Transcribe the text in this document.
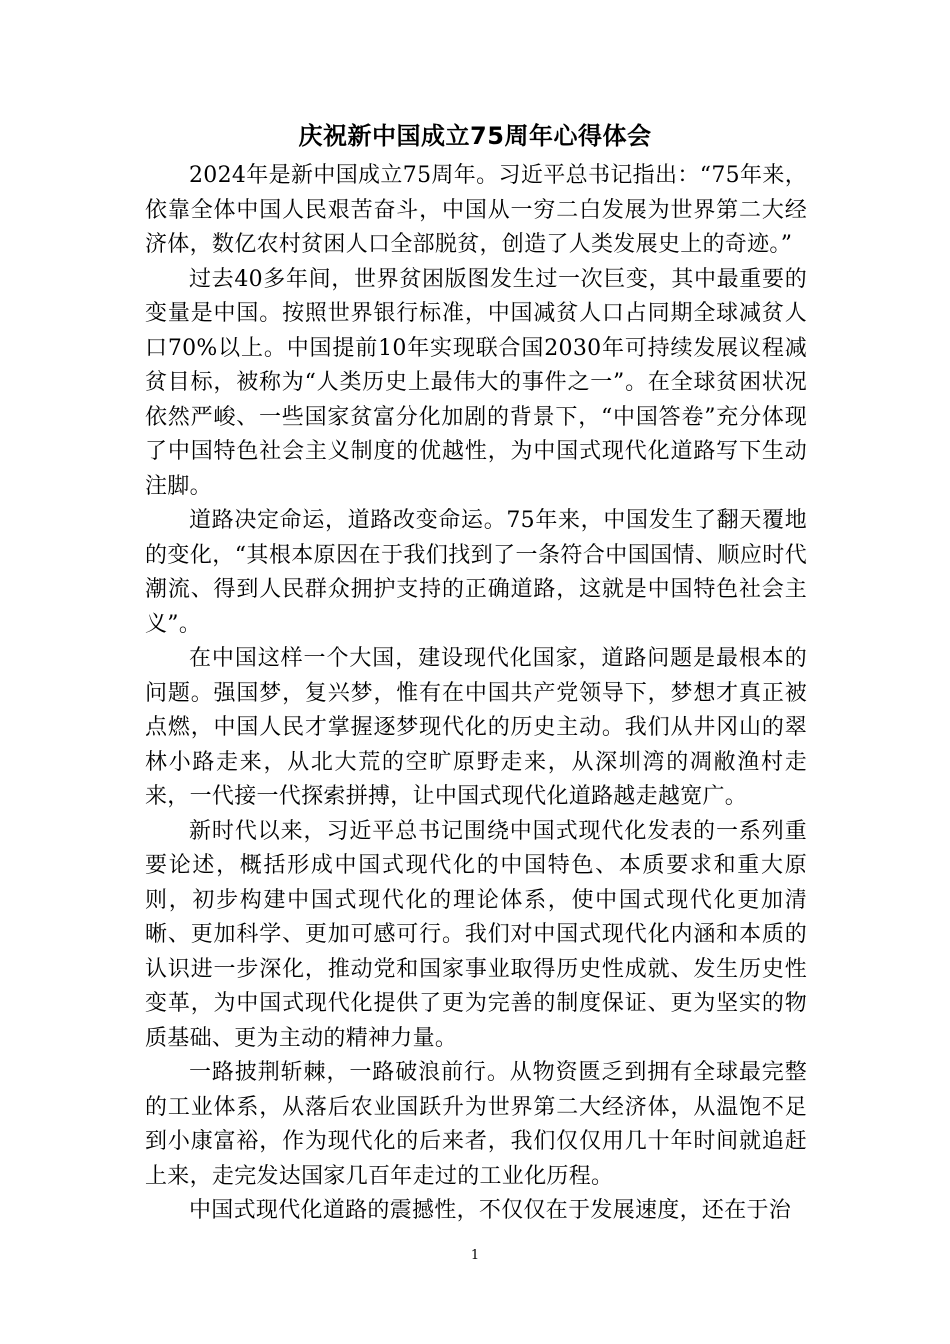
庆祝新中国成立75周年心得体会

2024年是新中国成立75周年。习近平总书记指出：“75年来，依靠全体中国人民艰苦奋斗，中国从一穷二白发展为世界第二大经济体，数亿农村贫困人口全部脱贫，创造了人类发展史上的奇迹。”

过去40多年间，世界贫困版图发生过一次巨变，其中最重要的变量是中国。按照世界银行标准，中国减贫人口占同期全球减贫人口70%以上。中国提前10年实现联合国2030年可持续发展议程减贫目标，被称为“人类历史上最伟大的事件之一”。在全球贫困状况依然严峻、一些国家贫富分化加剧的背景下，“中国答卷”充分体现了中国特色社会主义制度的优越性，为中国式现代化道路写下生动注脚。

道路决定命运，道路改变命运。75年来，中国发生了翻天覆地的变化，“其根本原因在于我们找到了一条符合中国国情、顺应时代潮流、得到人民群众拥护支持的正确道路，这就是中国特色社会主义”。

在中国这样一个大国，建设现代化国家，道路问题是最根本的问题。强国梦，复兴梦，惟有在中国共产党领导下，梦想才真正被点燃，中国人民才掌握逐梦现代化的历史主动。我们从井冈山的翠林小路走来，从北大荒的空旷原野走来，从深圳湾的凋敝渔村走来，一代接一代探索拼搏，让中国式现代化道路越走越宽广。

新时代以来，习近平总书记围绕中国式现代化发表的一系列重要论述，概括形成中国式现代化的中国特色、本质要求和重大原则，初步构建中国式现代化的理论体系，使中国式现代化更加清晰、更加科学、更加可感可行。我们对中国式现代化内涵和本质的认识进一步深化，推动党和国家事业取得历史性成就、发生历史性变革，为中国式现代化提供了更为完善的制度保证、更为坚实的物质基础、更为主动的精神力量。

一路披荆斩棘，一路破浪前行。从物资匮乏到拥有全球最完整的工业体系，从落后农业国跃升为世界第二大经济体，从温饱不足到小康富裕，作为现代化的后来者，我们仅仅用几十年时间就追赶上来，走完发达国家几百年走过的工业化历程。

中国式现代化道路的震撼性，不仅仅在于发展速度，还在于治

1
